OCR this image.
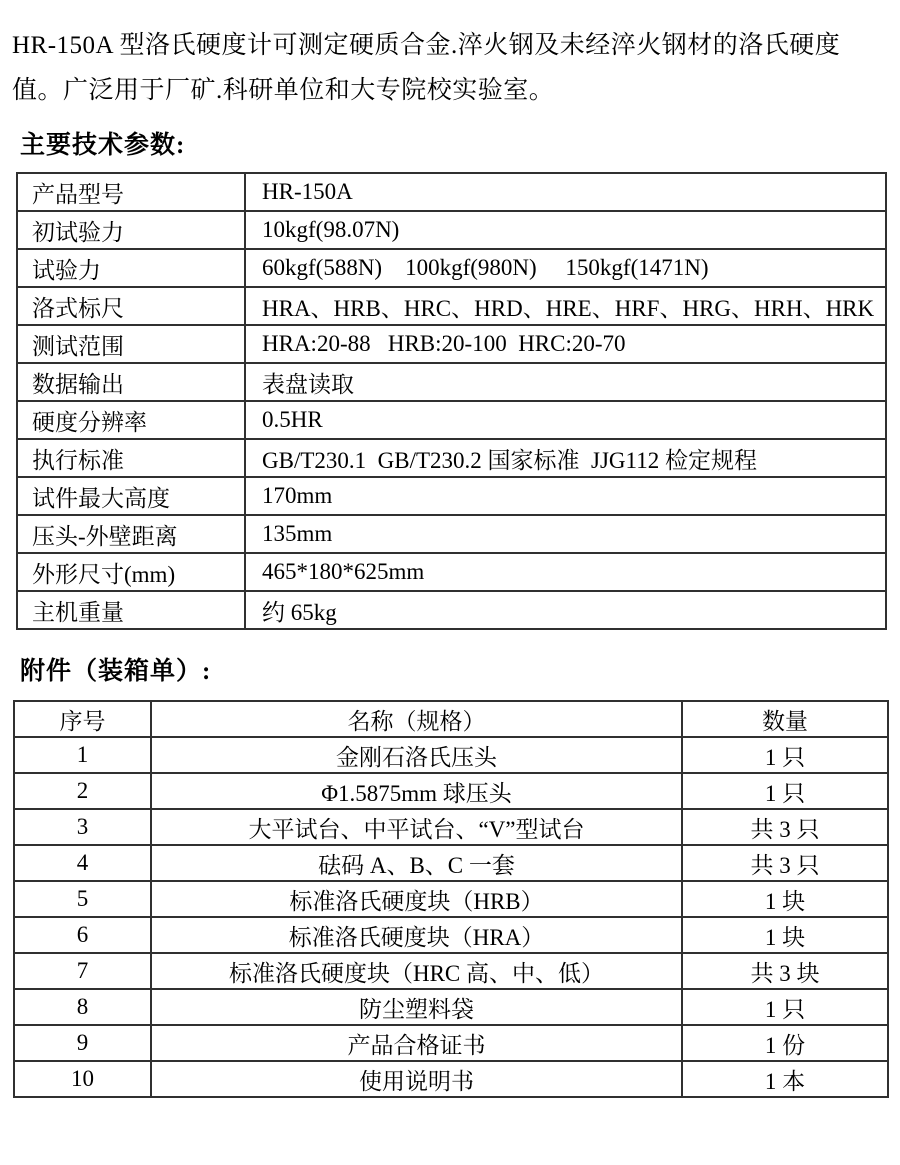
HR-150A 型洛氏硬度计可测定硬质合金.淬火钢及未经淬火钢材的洛氏硬度值。广泛用于厂矿.科研单位和大专院校实验室。

主要技术参数:
产品型号	HR-150A
初试验力	10kgf(98.07N)
试验力	60kgf(588N)    100kgf(980N)     150kgf(1471N)
洛式标尺	HRA、HRB、HRC、HRD、HRE、HRF、HRG、HRH、HRK
测试范围	HRA:20-88   HRB:20-100  HRC:20-70
数据输出	表盘读取
硬度分辨率	0.5HR
执行标准	GB/T230.1  GB/T230.2 国家标准  JJG112 检定规程
试件最大高度	170mm
压头-外壁距离	135mm
外形尺寸(mm)	465*180*625mm
主机重量	约 65kg
附件（装箱单）:
序号	名称（规格）	数量
1	金刚石洛氏压头	1 只
2	Φ1.5875mm 球压头	1 只
3	大平试台、中平试台、“V”型试台	共 3 只
4	砝码 A、B、C 一套	共 3 只
5	标准洛氏硬度块（HRB）	1 块
6	标准洛氏硬度块（HRA）	1 块
7	标准洛氏硬度块（HRC 高、中、低）	共 3 块
8	防尘塑料袋	1 只
9	产品合格证书	1 份
10	使用说明书	1 本
